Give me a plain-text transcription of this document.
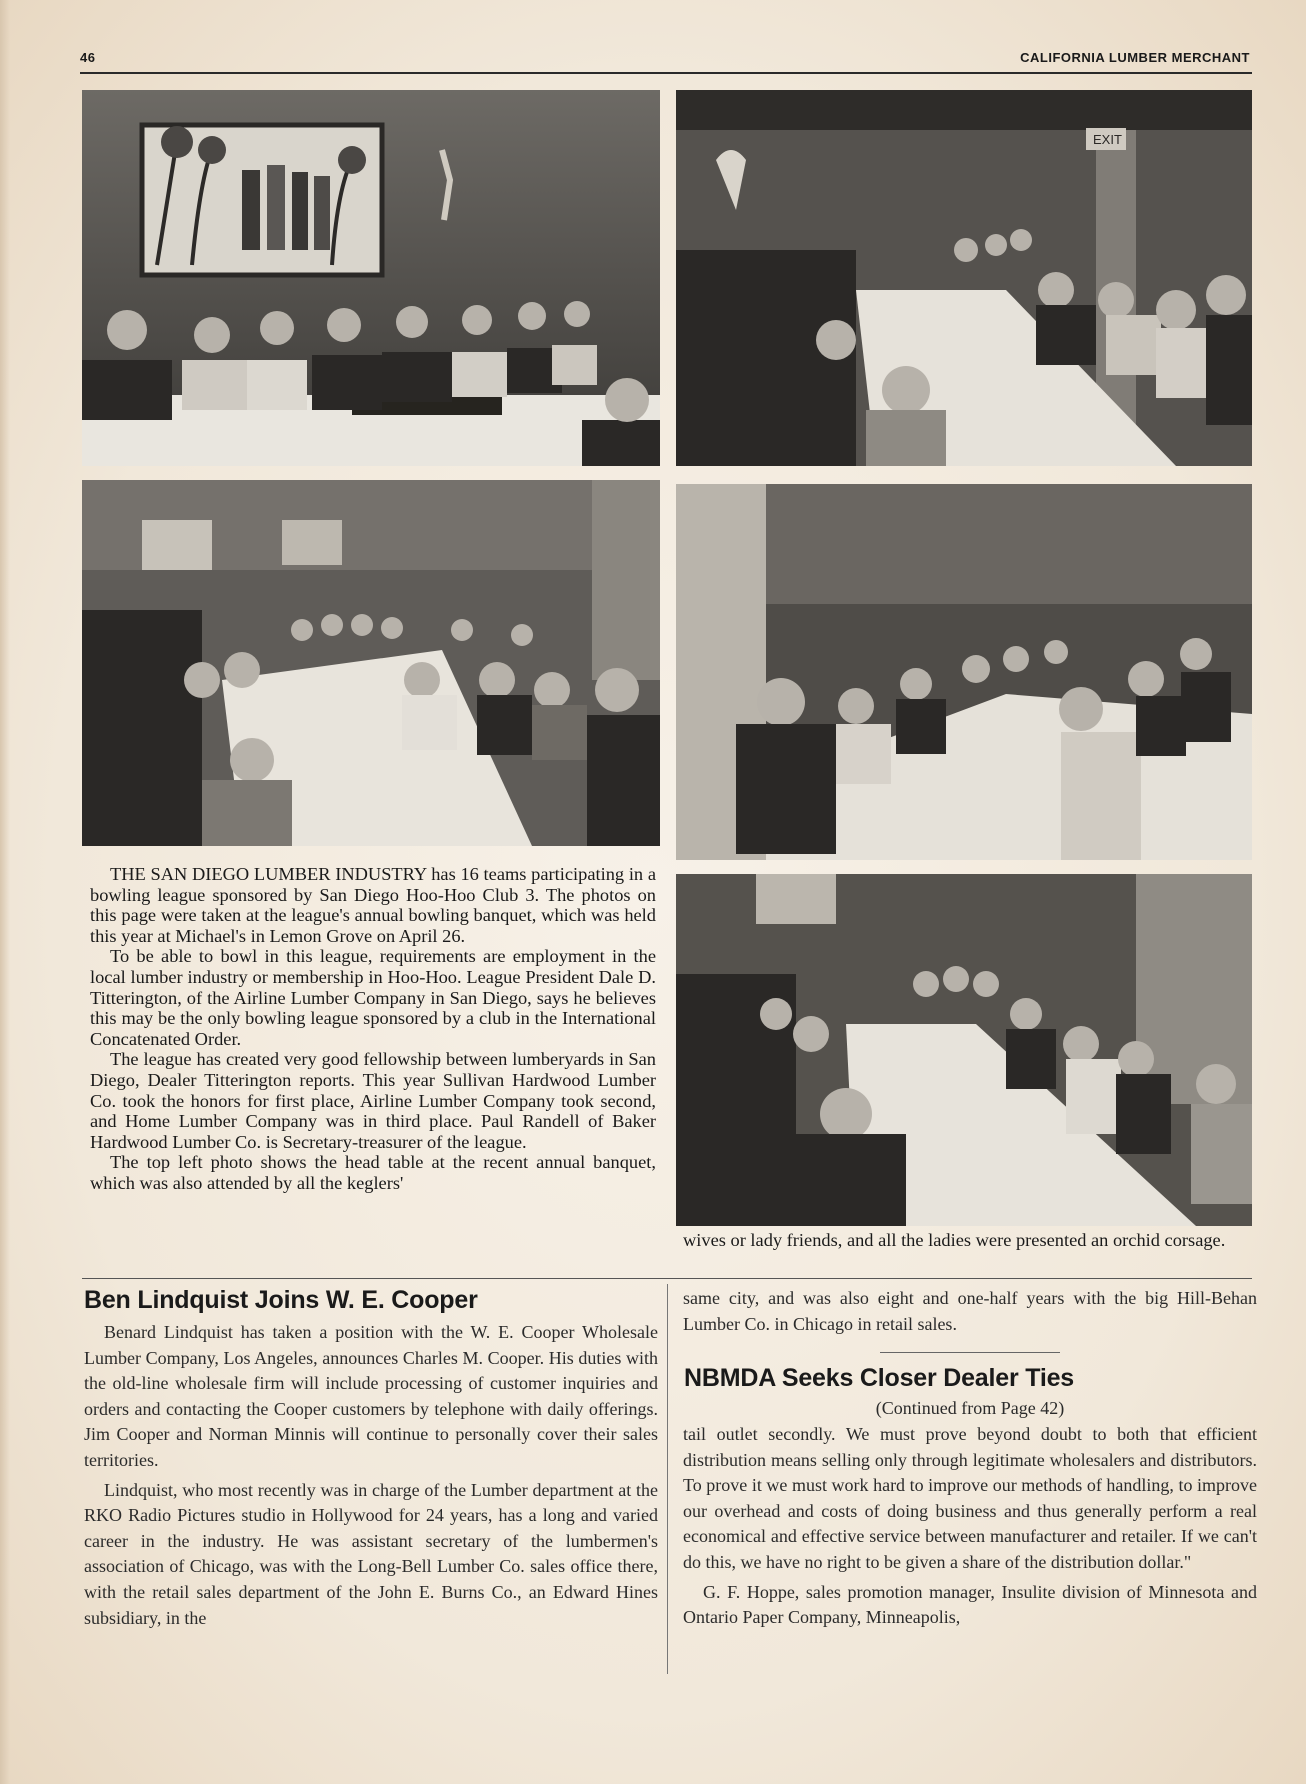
46	CALIFORNIA LUMBER MERCHANT
EXIT

THE SAN DIEGO LUMBER INDUSTRY has 16 teams participating in a bowling league sponsored by San Diego Hoo-Hoo Club 3. The photos on this page were taken at the league's annual bowling banquet, which was held this year at Michael's in Lemon Grove on April 26.

To be able to bowl in this league, requirements are employment in the local lumber industry or membership in Hoo-Hoo. League President Dale D. Titterington, of the Airline Lumber Company in San Diego, says he believes this may be the only bowling league sponsored by a club in the International Concatenated Order.

The league has created very good fellowship between lumberyards in San Diego, Dealer Titterington reports. This year Sullivan Hardwood Lumber Co. took the honors for first place, Airline Lumber Company took second, and Home Lumber Company was in third place. Paul Randell of Baker Hardwood Lumber Co. is Secretary-treasurer of the league.

The top left photo shows the head table at the recent annual banquet, which was also attended by all the keglers'

wives or lady friends, and all the ladies were presented an orchid corsage.

Ben Lindquist Joins W. E. Cooper

Benard Lindquist has taken a position with the W. E. Cooper Wholesale Lumber Company, Los Angeles, announces Charles M. Cooper. His duties with the old-line wholesale firm will include processing of customer inquiries and orders and contacting the Cooper customers by telephone with daily offerings. Jim Cooper and Norman Minnis will continue to personally cover their sales territories.

Lindquist, who most recently was in charge of the Lumber department at the RKO Radio Pictures studio in Hollywood for 24 years, has a long and varied career in the industry. He was assistant secretary of the lumbermen's association of Chicago, was with the Long-Bell Lumber Co. sales office there, with the retail sales department of the John E. Burns Co., an Edward Hines subsidiary, in the

same city, and was also eight and one-half years with the big Hill-Behan Lumber Co. in Chicago in retail sales.

NBMDA Seeks Closer Dealer Ties
(Continued from Page 42)

tail outlet secondly. We must prove beyond doubt to both that efficient distribution means selling only through legitimate wholesalers and distributors. To prove it we must work hard to improve our methods of handling, to improve our overhead and costs of doing business and thus generally perform a real economical and effective service between manufacturer and retailer. If we can't do this, we have no right to be given a share of the distribution dollar."

G. F. Hoppe, sales promotion manager, Insulite division of Minnesota and Ontario Paper Company, Minneapolis,
